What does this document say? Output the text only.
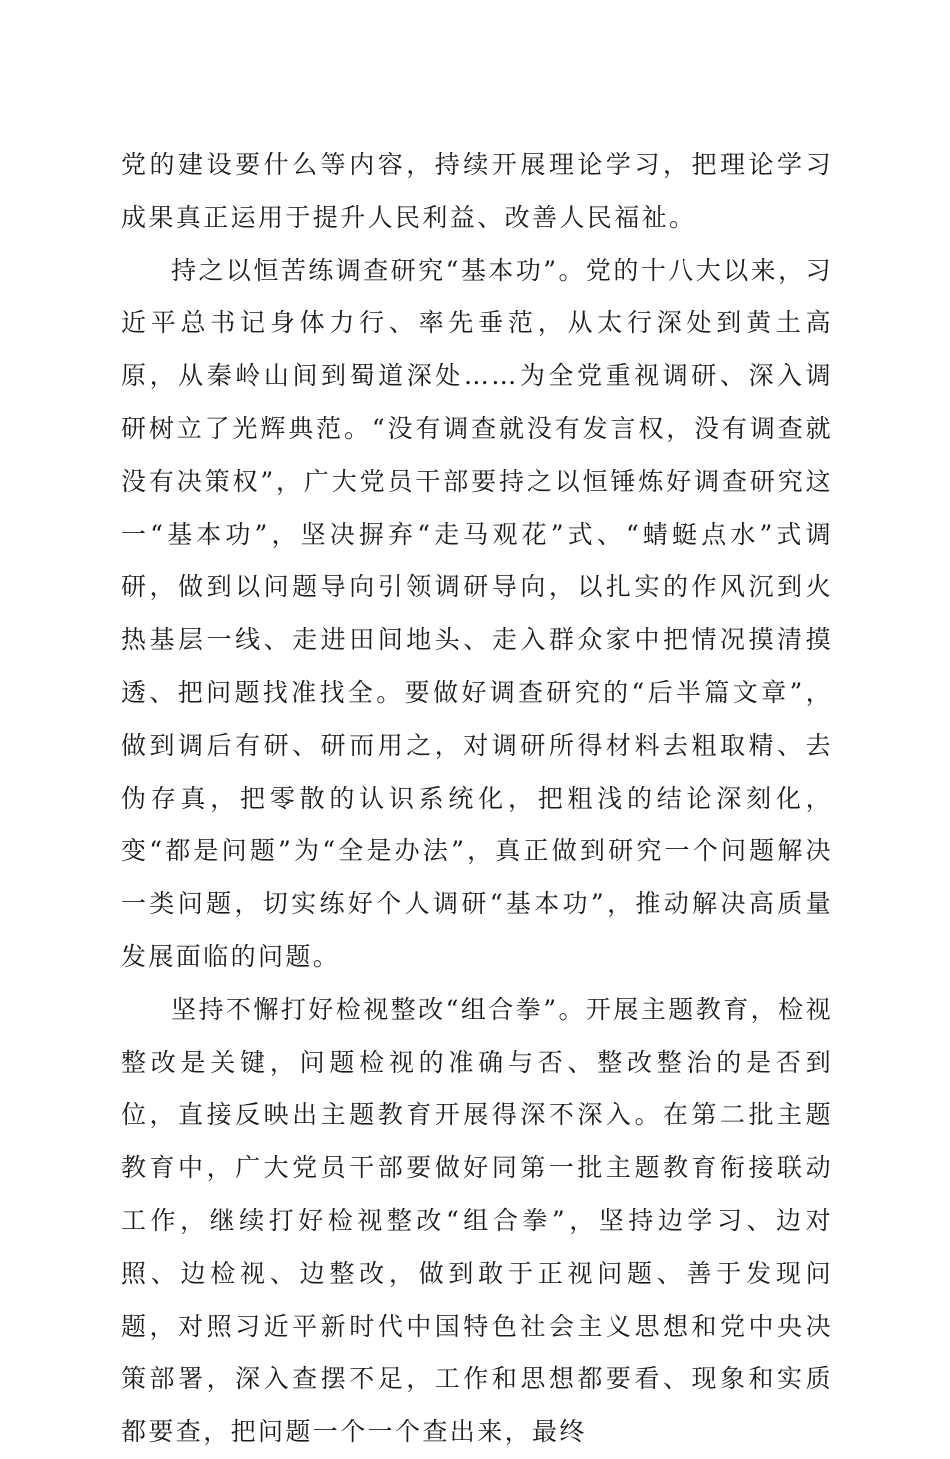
党的建设要什么等内容，持续开展理论学习，把理论学习成果真正运用于提升人民利益、改善人民福祉。

持之以恒苦练调查研究“基本功”。党的十八大以来，习近平总书记身体力行、率先垂范，从太行深处到黄土高原，从秦岭山间到蜀道深处……为全党重视调研、深入调研树立了光辉典范。“没有调查就没有发言权，没有调查就没有决策权”，广大党员干部要持之以恒锤炼好调查研究这一“基本功”，坚决摒弃“走马观花”式、“蜻蜓点水”式调研，做到以问题导向引领调研导向，以扎实的作风沉到火热基层一线、走进田间地头、走入群众家中把情况摸清摸透、把问题找准找全。要做好调查研究的“后半篇文章”，做到调后有研、研而用之，对调研所得材料去粗取精、去伪存真，把零散的认识系统化，把粗浅的结论深刻化，变“都是问题”为“全是办法”，真正做到研究一个问题解决一类问题，切实练好个人调研“基本功”，推动解决高质量发展面临的问题。

坚持不懈打好检视整改“组合拳”。开展主题教育，检视整改是关键，问题检视的准确与否、整改整治的是否到位，直接反映出主题教育开展得深不深入。在第二批主题教育中，广大党员干部要做好同第一批主题教育衔接联动工作，继续打好检视整改“组合拳”，坚持边学习、边对照、边检视、边整改，做到敢于正视问题、善于发现问题，对照习近平新时代中国特色社会主义思想和党中央决策部署，深入查摆不足，工作和思想都要看、现象和实质都要查，把问题一个一个查出来，最终
